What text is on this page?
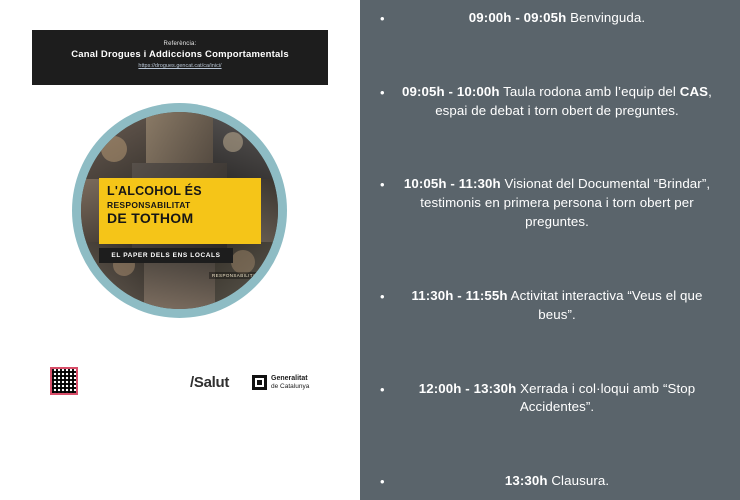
Referència:
Canal Drogues i Addiccions Comportamentals
https://drogues.gencat.cat/ca/inici/
L'ALCOHOL ÉS
RESPONSABILITAT
DE TOTHOM
EL PAPER DELS ENS LOCALS
RESPONSABILITAT
/Salut	Generalitat
de Catalunya
•	09:00h - 09:05h Benvinguda.
•	09:05h - 10:00h Taula rodona amb l’equip del CAS, espai de debat i torn obert de preguntes.
•	10:05h - 11:30h Visionat del Documental “Brindar”, testimonis en primera persona i torn obert per preguntes.
•	11:30h - 11:55h Activitat interactiva “Veus el que beus”.
•	12:00h - 13:30h Xerrada i col·loqui amb “Stop Accidentes”.
•	13:30h Clausura.
